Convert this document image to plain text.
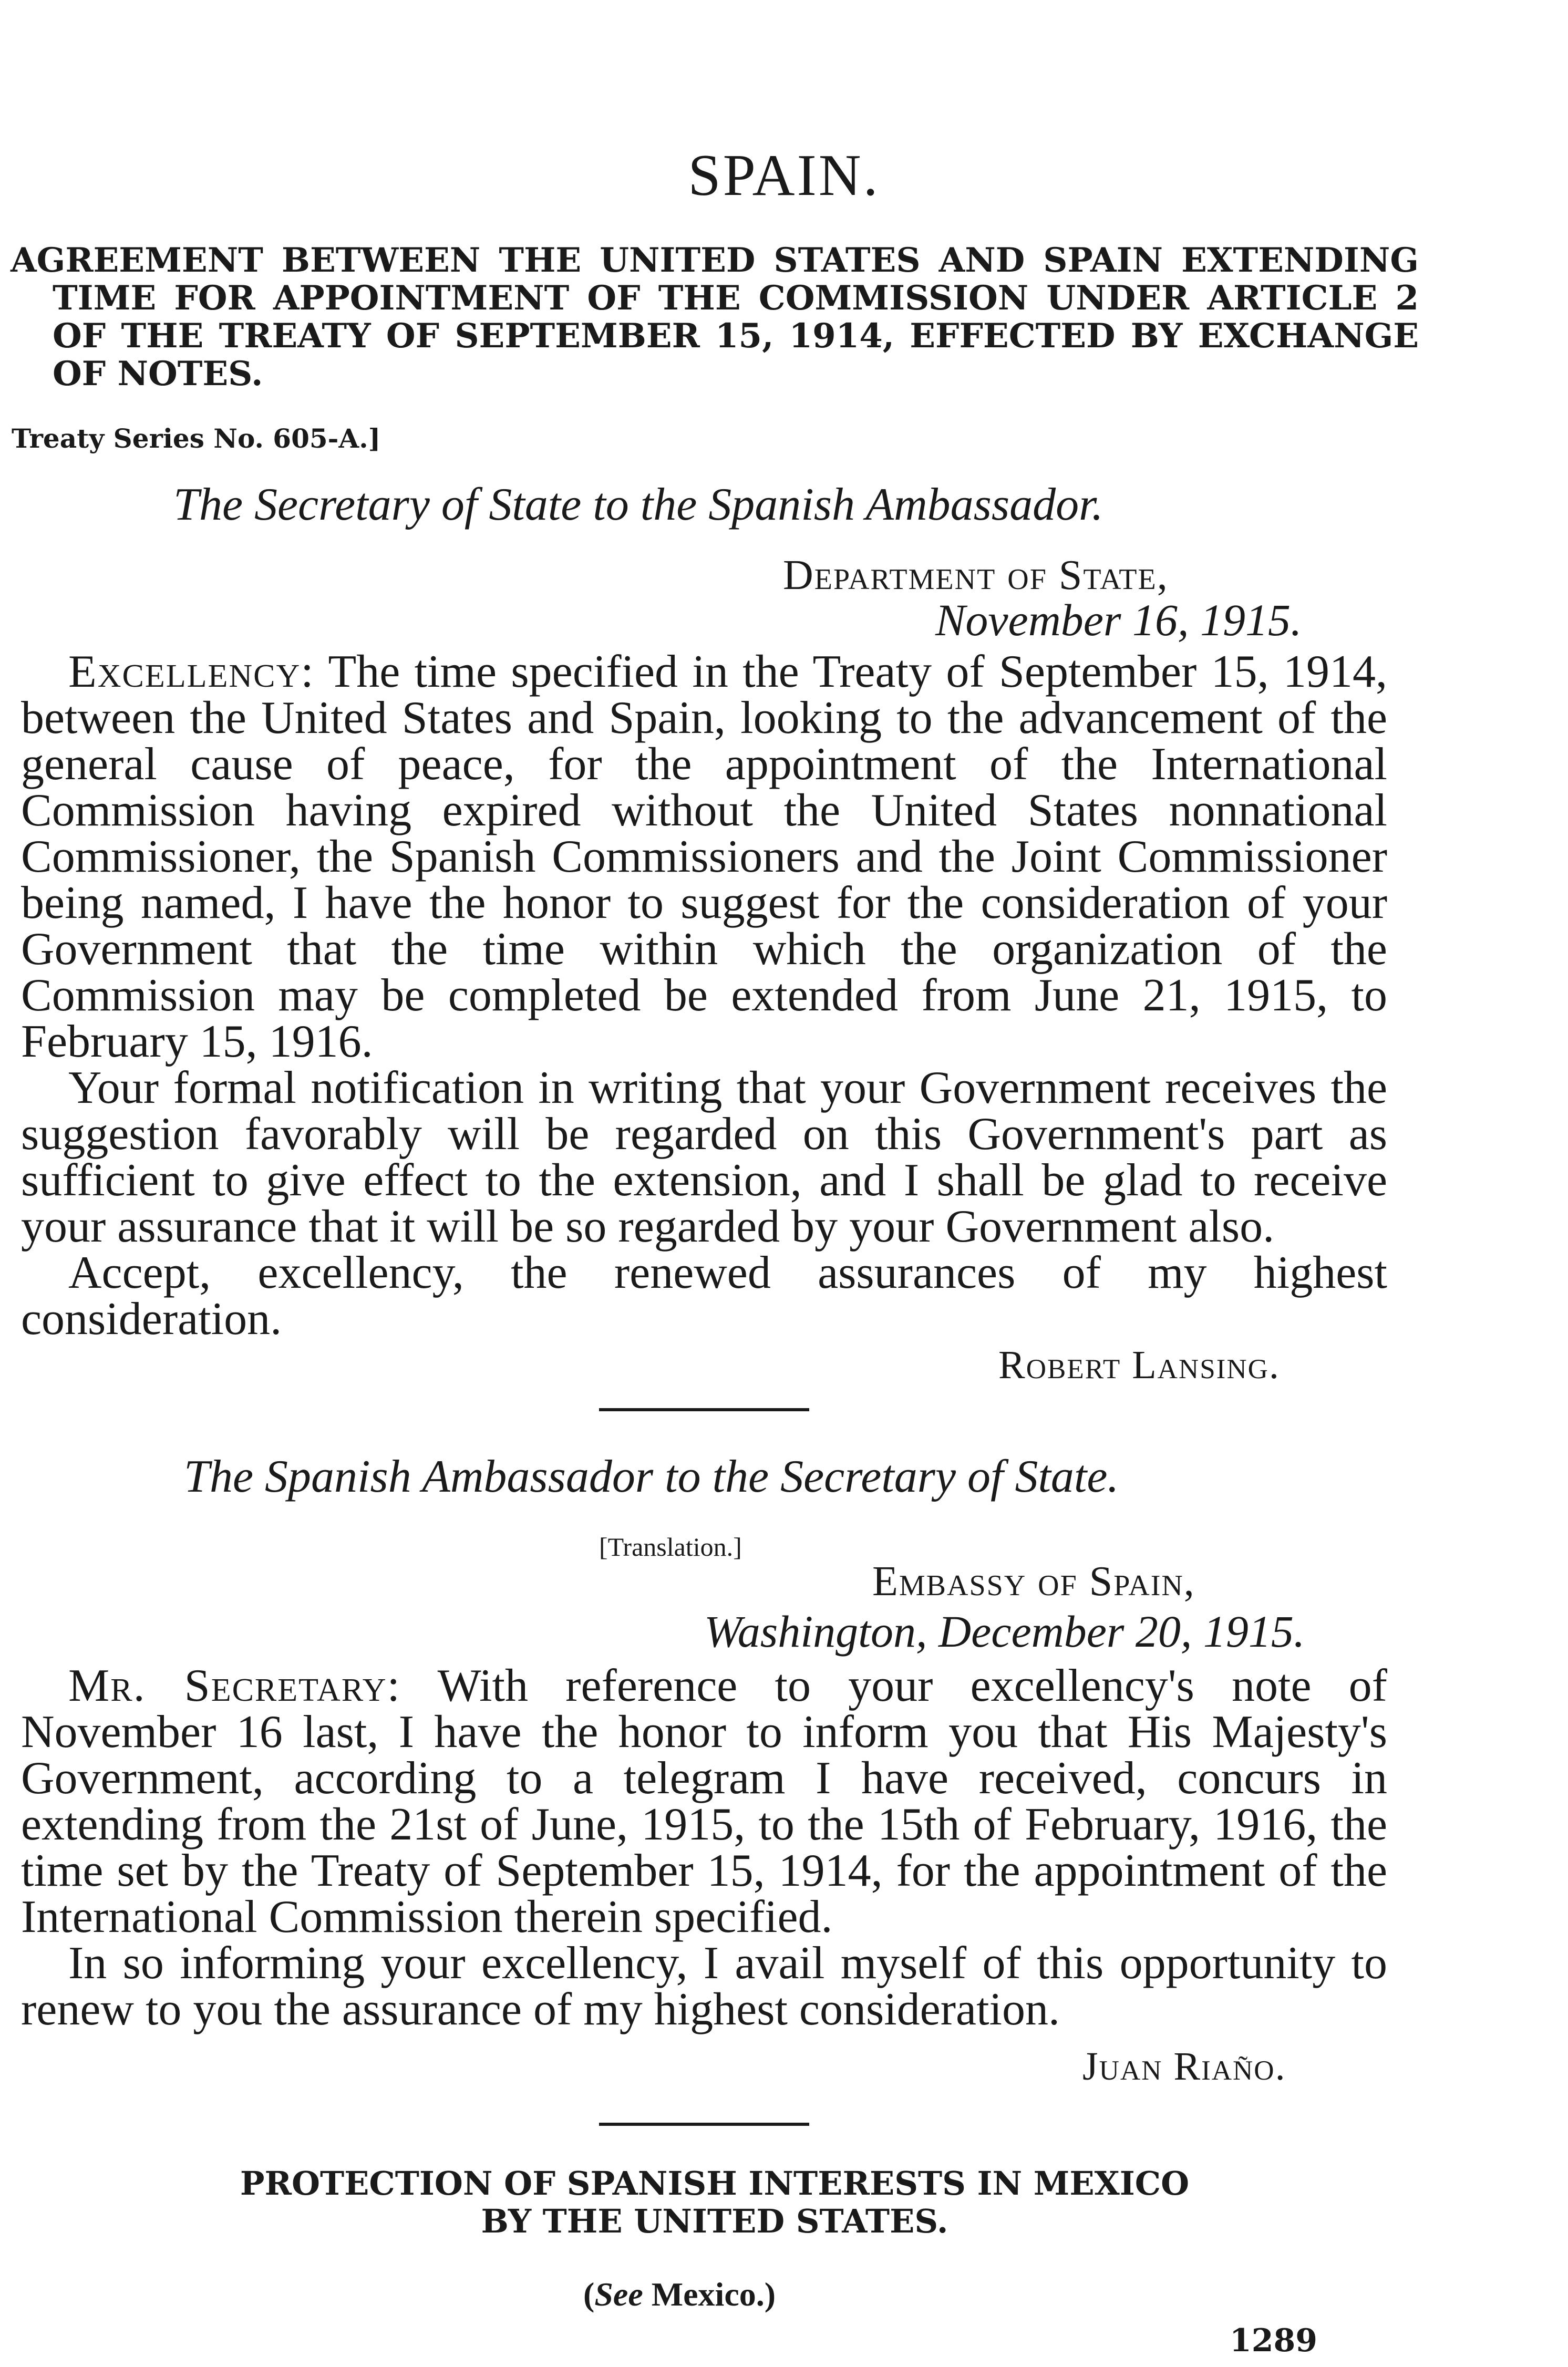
SPAIN.
AGREEMENT BETWEEN THE UNITED STATES AND SPAIN EXTENDING TIME FOR APPOINTMENT OF THE COMMISSION UNDER ARTICLE 2 OF THE TREATY OF SEPTEMBER 15, 1914, EFFECTED BY EXCHANGE OF NOTES.
Treaty Series No. 605-A.]
The Secretary of State to the Spanish Ambassador.
Department of State,
November 16, 1915.

Excellency: The time specified in the Treaty of September 15, 1914, between the United States and Spain, looking to the advancement of the general cause of peace, for the appointment of the International Commission having expired without the United States nonnational Commissioner, the Spanish Commissioners and the Joint Commissioner being named, I have the honor to suggest for the consideration of your Government that the time within which the organization of the Commission may be completed be extended from June 21, 1915, to February 15, 1916.

Your formal notification in writing that your Government receives the suggestion favorably will be regarded on this Government's part as sufficient to give effect to the extension, and I shall be glad to receive your assurance that it will be so regarded by your Government also.

Accept, excellency, the renewed assurances of my highest consideration.

Robert Lansing.
The Spanish Ambassador to the Secretary of State.
[Translation.]
Embassy of Spain,
Washington, December 20, 1915.

Mr. Secretary: With reference to your excellency's note of November 16 last, I have the honor to inform you that His Majesty's Government, according to a telegram I have received, concurs in extending from the 21st of June, 1915, to the 15th of February, 1916, the time set by the Treaty of September 15, 1914, for the appointment of the International Commission therein specified.

In so informing your excellency, I avail myself of this opportunity to renew to you the assurance of my highest consideration.

Juan Riaño.
PROTECTION OF SPANISH INTERESTS IN MEXICO BY THE UNITED STATES.
(See Mexico.)
1289
